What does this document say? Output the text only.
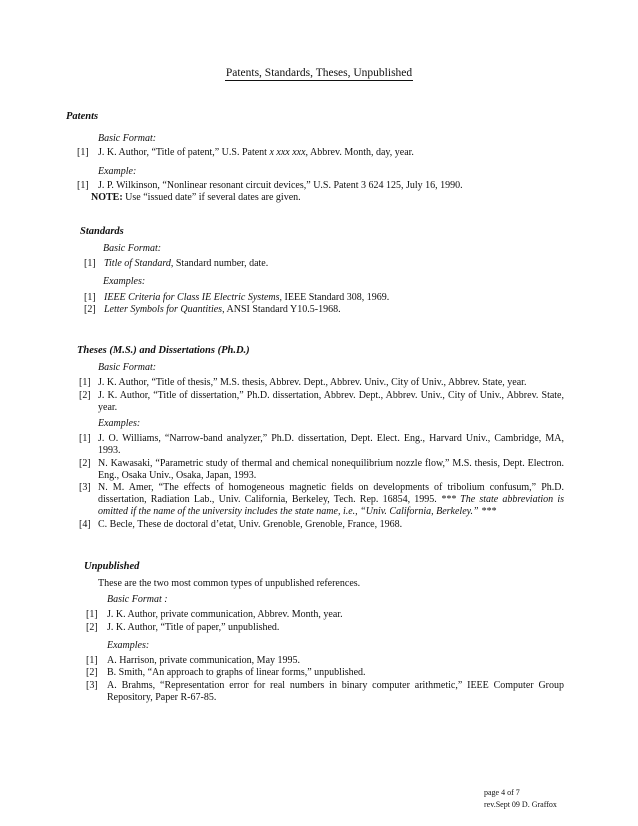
Patents, Standards, Theses, Unpublished
Patents
Basic Format:
[1] J. K. Author, “Title of patent,” U.S. Patent x xxx xxx, Abbrev. Month, day, year.
Example:
[1] J. P. Wilkinson, “Nonlinear resonant circuit devices,” U.S. Patent 3 624 125, July 16, 1990.
NOTE: Use “issued date” if several dates are given.
Standards
Basic Format:
[1] Title of Standard, Standard number, date.
Examples:
[1] IEEE Criteria for Class IE Electric Systems, IEEE Standard 308, 1969.
[2] Letter Symbols for Quantities, ANSI Standard Y10.5-1968.
Theses (M.S.) and Dissertations (Ph.D.)
Basic Format:
[1] J. K. Author, “Title of thesis,” M.S. thesis, Abbrev. Dept., Abbrev. Univ., City of Univ., Abbrev. State, year.
[2] J. K. Author, “Title of dissertation,” Ph.D. dissertation, Abbrev. Dept., Abbrev. Univ., City of Univ., Abbrev. State, year.
Examples:
[1] J. O. Williams, “Narrow-band analyzer,” Ph.D. dissertation, Dept. Elect. Eng., Harvard Univ., Cambridge, MA, 1993.
[2] N. Kawasaki, “Parametric study of thermal and chemical nonequilibrium nozzle flow,” M.S. thesis, Dept. Electron. Eng., Osaka Univ., Osaka, Japan, 1993.
[3] N. M. Amer, “The effects of homogeneous magnetic fields on developments of tribolium confusum,” Ph.D. dissertation, Radiation Lab., Univ. California, Berkeley, Tech. Rep. 16854, 1995. *** The state abbreviation is omitted if the name of the university includes the state name, i.e., “Univ. California, Berkeley.” ***
[4] C. Becle, These de doctoral d’etat, Univ. Grenoble, Grenoble, France, 1968.
Unpublished
These are the two most common types of unpublished references.
Basic Format :
[1] J. K. Author, private communication, Abbrev. Month, year.
[2] J. K. Author, “Title of paper,” unpublished.
Examples:
[1] A. Harrison, private communication, May 1995.
[2] B. Smith, “An approach to graphs of linear forms,” unpublished.
[3] A. Brahms, “Representation error for real numbers in binary computer arithmetic,” IEEE Computer Group Repository, Paper R-67-85.
page 4 of 7
rev.Sept 09 D. Graffox
